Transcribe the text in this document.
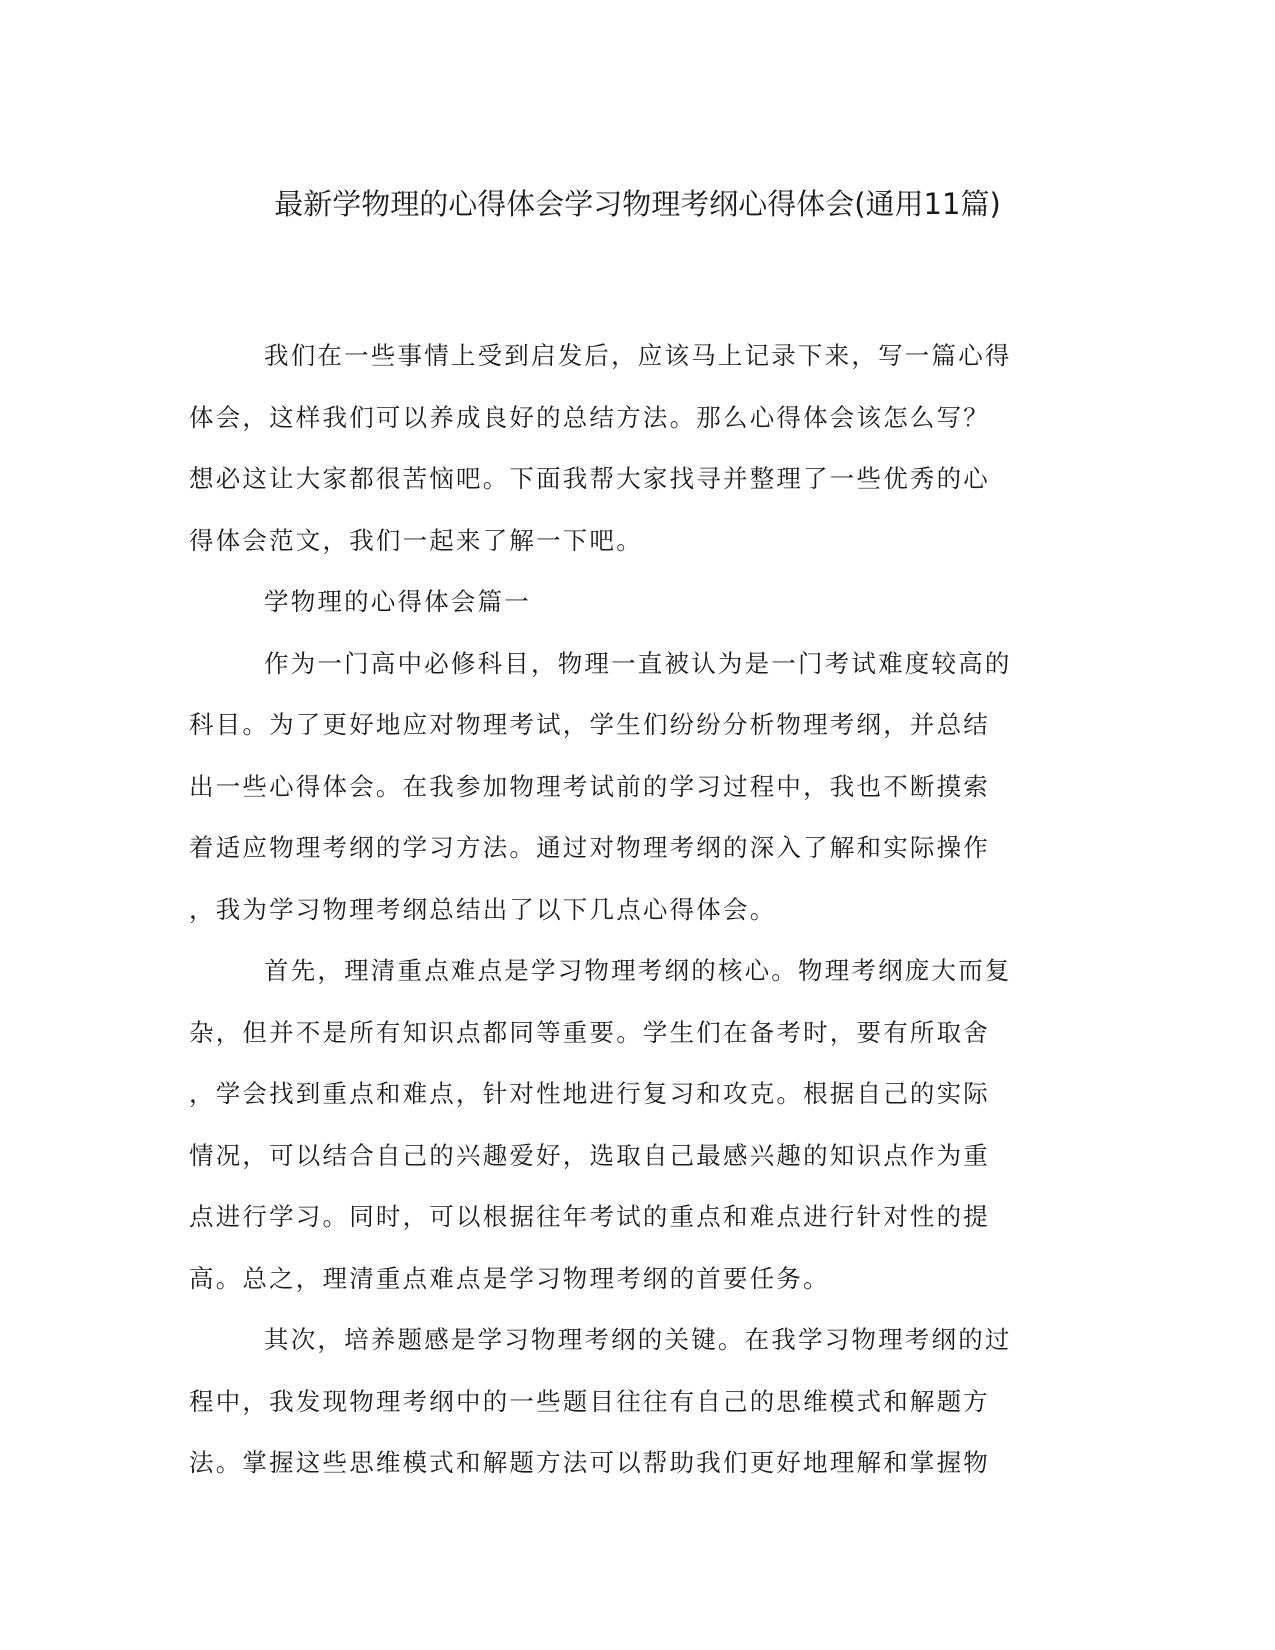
最新学物理的心得体会学习物理考纲心得体会(通用11篇)
我们在一些事情上受到启发后，应该马上记录下来，写一篇心得
体会，这样我们可以养成良好的总结方法。那么心得体会该怎么写？
想必这让大家都很苦恼吧。下面我帮大家找寻并整理了一些优秀的心
得体会范文，我们一起来了解一下吧。
学物理的心得体会篇一
作为一门高中必修科目，物理一直被认为是一门考试难度较高的
科目。为了更好地应对物理考试，学生们纷纷分析物理考纲，并总结
出一些心得体会。在我参加物理考试前的学习过程中，我也不断摸索
着适应物理考纲的学习方法。通过对物理考纲的深入了解和实际操作
，我为学习物理考纲总结出了以下几点心得体会。
首先，理清重点难点是学习物理考纲的核心。物理考纲庞大而复
杂，但并不是所有知识点都同等重要。学生们在备考时，要有所取舍
，学会找到重点和难点，针对性地进行复习和攻克。根据自己的实际
情况，可以结合自己的兴趣爱好，选取自己最感兴趣的知识点作为重
点进行学习。同时，可以根据往年考试的重点和难点进行针对性的提
高。总之，理清重点难点是学习物理考纲的首要任务。
其次，培养题感是学习物理考纲的关键。在我学习物理考纲的过
程中，我发现物理考纲中的一些题目往往有自己的思维模式和解题方
法。掌握这些思维模式和解题方法可以帮助我们更好地理解和掌握物
